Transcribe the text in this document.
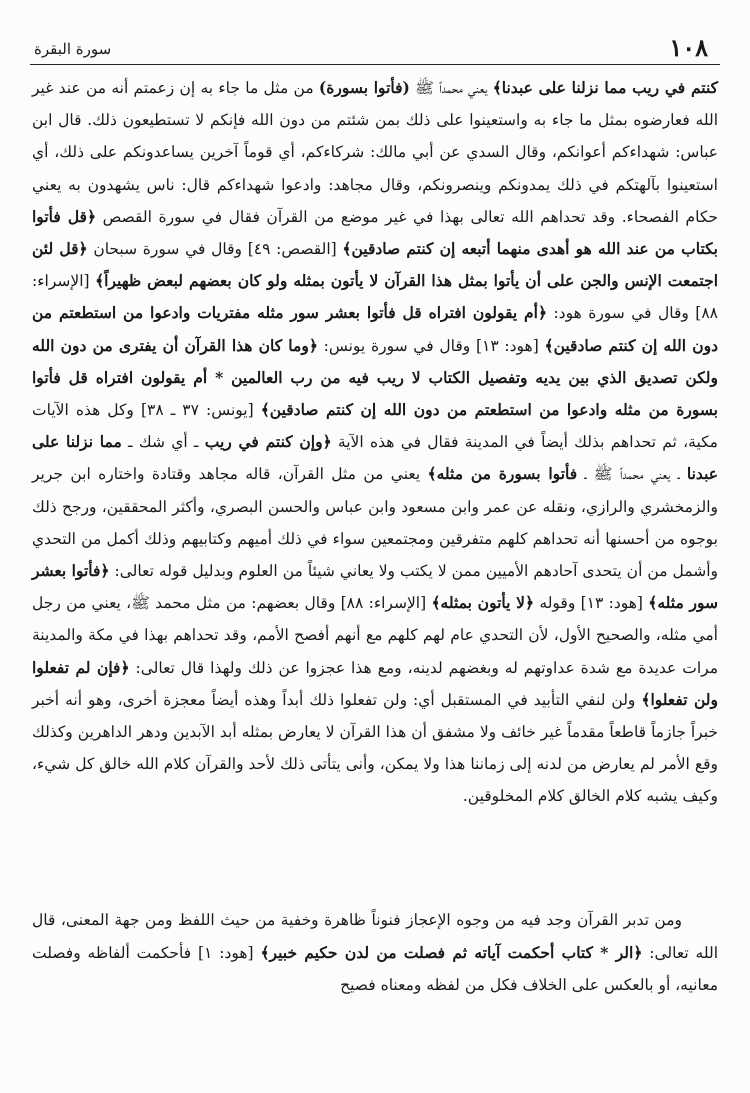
١٠٨
سورة البقرة

كنتم في ريب مما نزلنا على عبدنا﴾ يعني محمداً ﷺ (فأتوا بسورة) من مثل ما جاء به إن زعمتم أنه من عند غير الله فعارضوه بمثل ما جاء به واستعينوا على ذلك بمن شئتم من دون الله فإنكم لا تستطيعون ذلك. قال ابن عباس: شهداءكم أعوانكم، وقال السدي عن أبي مالك: شركاءكم، أي قوماً آخرين يساعدونكم على ذلك، أي استعينوا بآلهتكم في ذلك يمدونكم وينصرونكم، وقال مجاهد: وادعوا شهداءكم قال: ناس يشهدون به يعني حكام الفصحاء. وقد تحداهم الله تعالى بهذا في غير موضع من القرآن فقال في سورة القصص ﴿قل فأتوا بكتاب من عند الله هو أهدى منهما أتبعه إن كنتم صادقين﴾ [القصص: ٤٩] وقال في سورة سبحان ﴿قل لئن اجتمعت الإنس والجن على أن يأتوا بمثل هذا القرآن لا يأتون بمثله ولو كان بعضهم لبعض ظهيراً﴾ [الإسراء: ٨٨] وقال في سورة هود: ﴿أم يقولون افتراه قل فأتوا بعشر سور مثله مفتريات وادعوا من استطعتم من دون الله إن كنتم صادقين﴾ [هود: ١٣] وقال في سورة يونس: ﴿وما كان هذا القرآن أن يفترى من دون الله ولكن تصديق الذي بين يديه وتفصيل الكتاب لا ريب فيه من رب العالمين * أم يقولون افتراه قل فأتوا بسورة من مثله وادعوا من استطعتم من دون الله إن كنتم صادقين﴾ [يونس: ٣٧ ـ ٣٨] وكل هذه الآيات مكية، ثم تحداهم بذلك أيضاً في المدينة فقال في هذه الآية ﴿وإن كنتم في ريب ـ أي شك ـ مما نزلنا على عبدنا ـ يعني محمداً ﷺ ـ فأتوا بسورة من مثله﴾ يعني من مثل القرآن، قاله مجاهد وقتادة واختاره ابن جرير والزمخشري والرازي، ونقله عن عمر وابن مسعود وابن عباس والحسن البصري، وأكثر المحققين، ورجح ذلك بوجوه من أحسنها أنه تحداهم كلهم متفرقين ومجتمعين سواء في ذلك أميهم وكتابيهم وذلك أكمل من التحدي وأشمل من أن يتحدى آحادهم الأميين ممن لا يكتب ولا يعاني شيئاً من العلوم وبدليل قوله تعالى: ﴿فأتوا بعشر سور مثله﴾ [هود: ١٣] وقوله ﴿لا يأتون بمثله﴾ [الإسراء: ٨٨] وقال بعضهم: من مثل محمد ﷺ، يعني من رجل أمي مثله، والصحيح الأول، لأن التحدي عام لهم كلهم مع أنهم أفصح الأمم، وقد تحداهم بهذا في مكة والمدينة مرات عديدة مع شدة عداوتهم له وبغضهم لدينه، ومع هذا عجزوا عن ذلك ولهذا قال تعالى: ﴿فإن لم تفعلوا ولن تفعلوا﴾ ولن لنفي التأبيد في المستقبل أي: ولن تفعلوا ذلك أبداً وهذه أيضاً معجزة أخرى، وهو أنه أخبر خبراً جازماً قاطعاً مقدماً غير خائف ولا مشفق أن هذا القرآن لا يعارض بمثله أبد الآبدين ودهر الداهرين وكذلك وقع الأمر لم يعارض من لدنه إلى زماننا هذا ولا يمكن، وأنى يتأتى ذلك لأحد والقرآن كلام الله خالق كل شيء، وكيف يشبه كلام الخالق كلام المخلوقين.

ومن تدبر القرآن وجد فيه من وجوه الإعجاز فنوناً ظاهرة وخفية من حيث اللفظ ومن جهة المعنى، قال الله تعالى: ﴿الر * كتاب أحكمت آياته ثم فصلت من لدن حكيم خبير﴾ [هود: ١] فأحكمت ألفاظه وفصلت معانيه، أو بالعكس على الخلاف فكل من لفظه ومعناه فصيح
